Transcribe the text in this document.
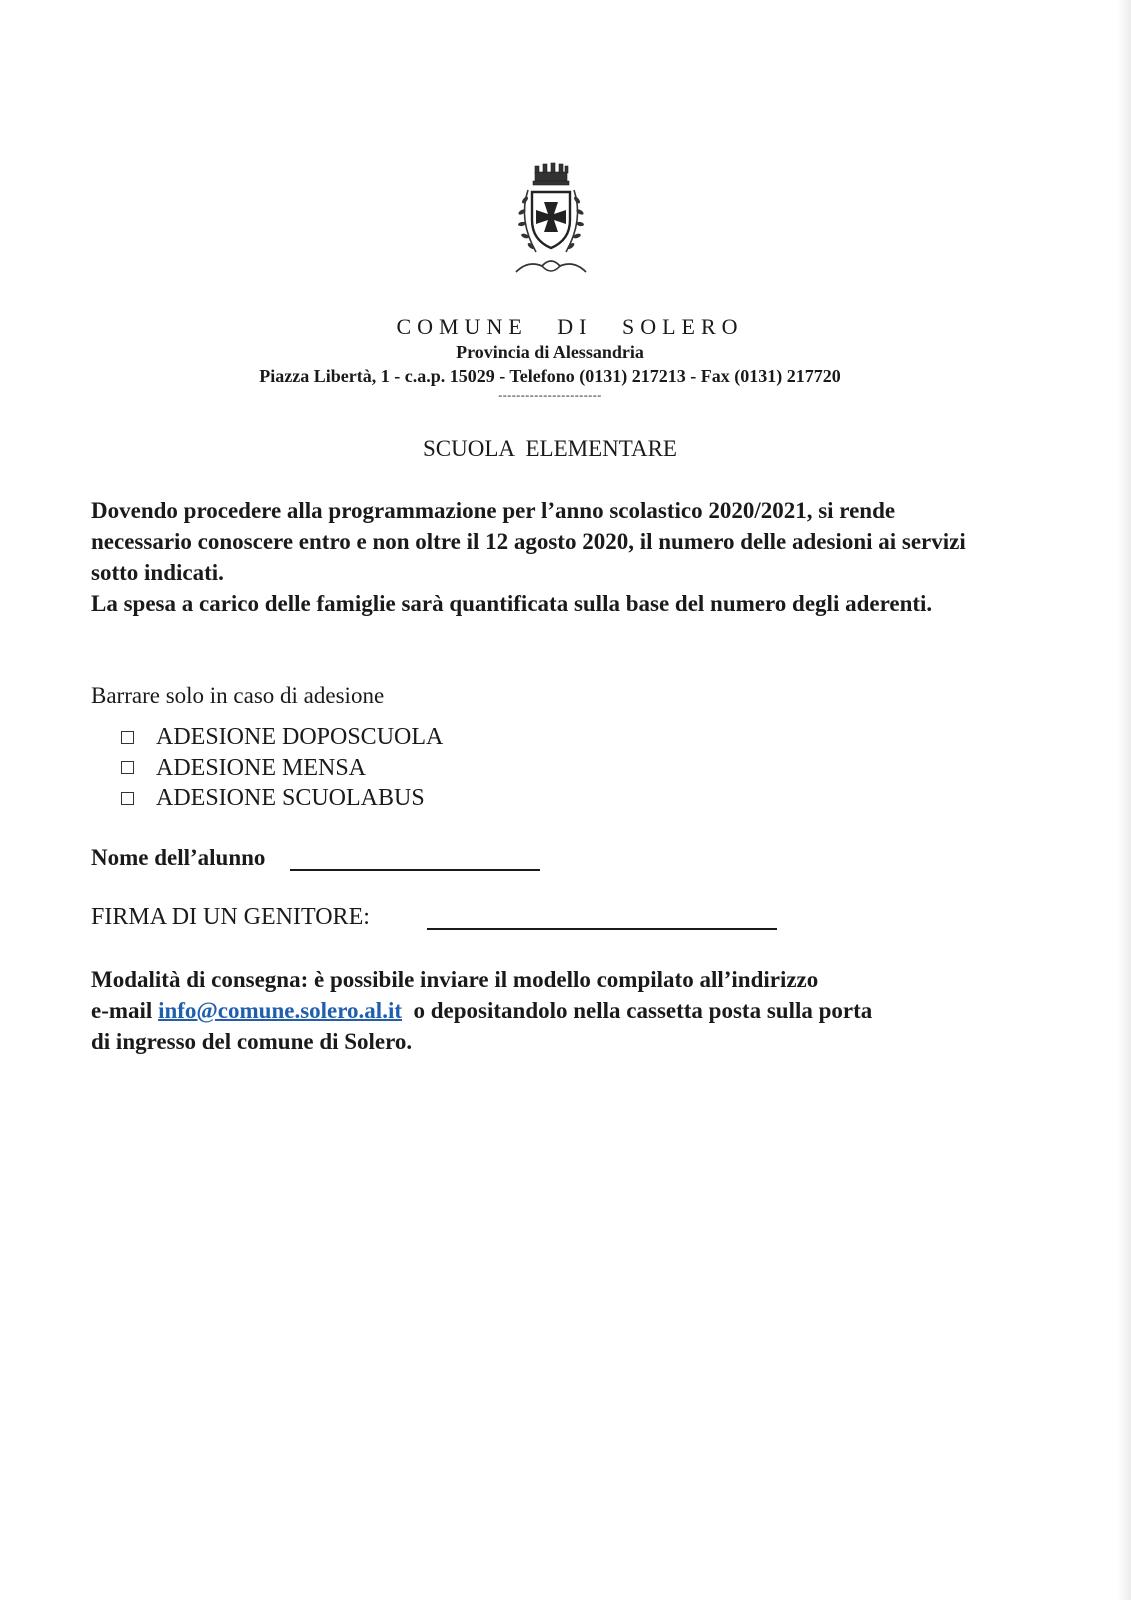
COMUNE DI SOLERO
Provincia di Alessandria
Piazza Libertà, 1 - c.a.p. 15029 - Telefono (0131) 217213 - Fax (0131) 217720
-----------------------
SCUOLA ELEMENTARE

Dovendo procedere alla programmazione per l’anno scolastico 2020/2021, si rende necessario conoscere entro e non oltre il 12 agosto 2020, il numero delle adesioni ai servizi sotto indicati.

La spesa a carico delle famiglie sarà quantificata sulla base del numero degli aderenti.

Barrare solo in caso di adesione
ADESIONE DOPOSCUOLA
ADESIONE MENSA
ADESIONE SCUOLABUS
Nome dell’alunno
FIRMA DI UN GENITORE:
Modalità di consegna: è possibile inviare il modello compilato all’indirizzo
e-mail info@comune.solero.al.it  o depositandolo nella cassetta posta sulla porta
di ingresso del comune di Solero.
